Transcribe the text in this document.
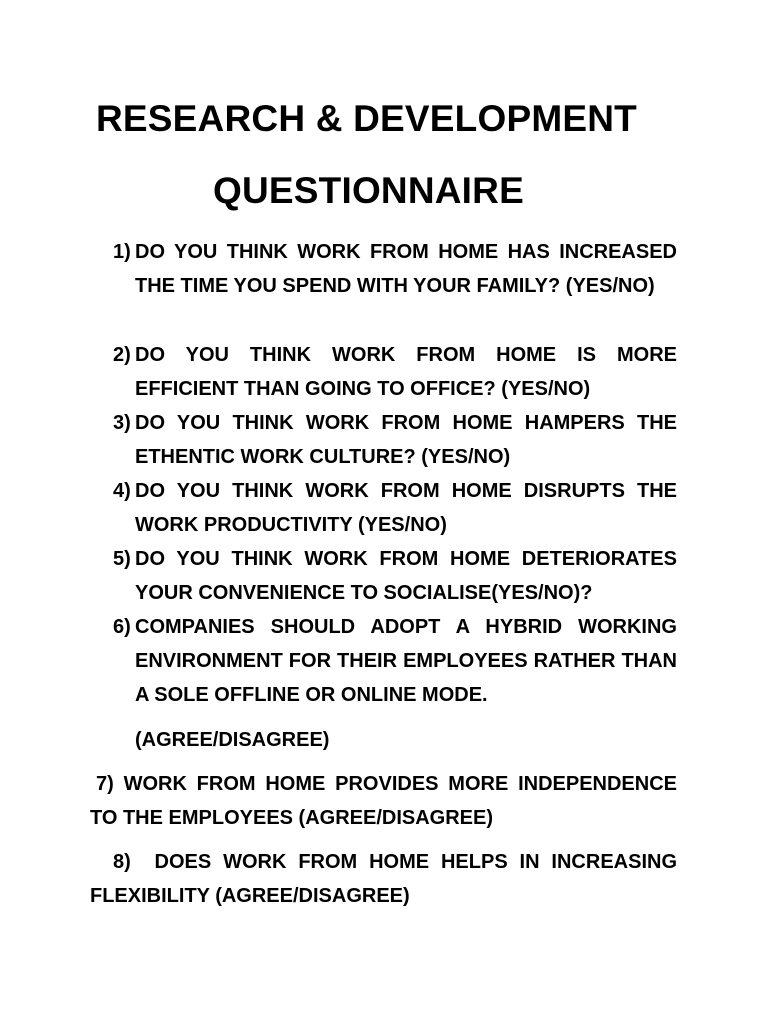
RESEARCH & DEVELOPMENT
QUESTIONNAIRE
1) DO YOU THINK WORK FROM HOME HAS INCREASED THE TIME YOU SPEND WITH YOUR FAMILY? (YES/NO)
2) DO YOU THINK WORK FROM HOME IS MORE EFFICIENT THAN GOING TO OFFICE? (YES/NO)
3) DO YOU THINK WORK FROM HOME HAMPERS THE ETHENTIC WORK CULTURE? (YES/NO)
4) DO YOU THINK WORK FROM HOME DISRUPTS THE WORK PRODUCTIVITY (YES/NO)
5) DO YOU THINK WORK FROM HOME DETERIORATES YOUR CONVENIENCE TO SOCIALISE(YES/NO)?
6) COMPANIES SHOULD ADOPT A HYBRID WORKING ENVIRONMENT FOR THEIR EMPLOYEES RATHER THAN A SOLE OFFLINE OR ONLINE MODE.
(AGREE/DISAGREE)
7) WORK FROM HOME PROVIDES MORE INDEPENDENCE TO THE EMPLOYEES (AGREE/DISAGREE)
8)  DOES WORK FROM HOME HELPS IN INCREASING FLEXIBILITY (AGREE/DISAGREE)
